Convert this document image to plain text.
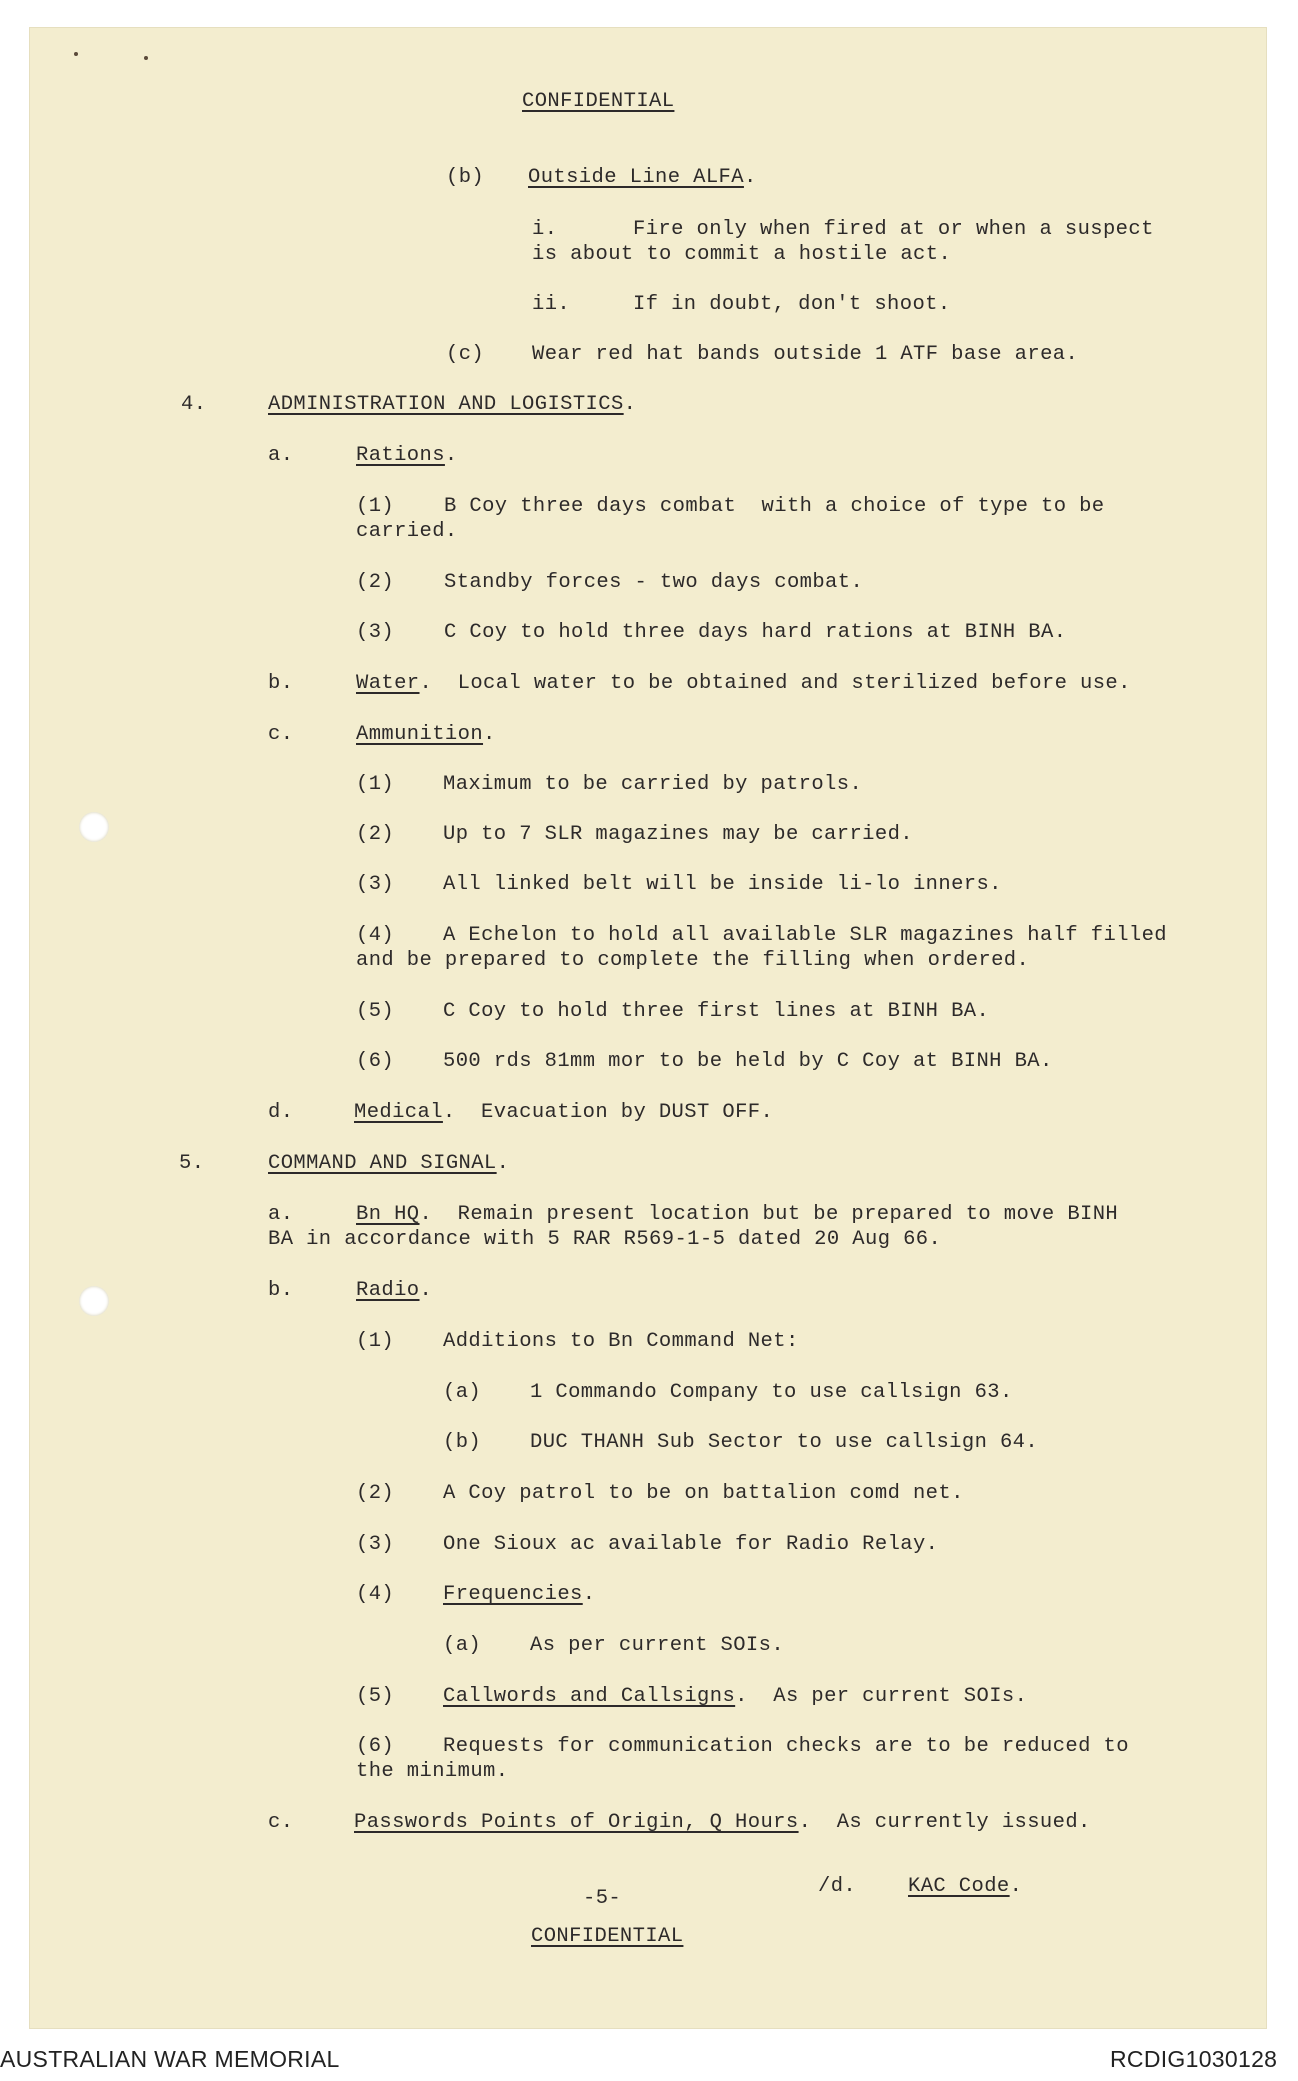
CONFIDENTIAL
(b) Outside Line ALFA.
i.	Fire only when fired at or when a suspect
is about to commit a hostile act.
ii.	If in doubt, don't shoot.
(c) Wear red hat bands outside 1 ATF base area.
4.	ADMINISTRATION AND LOGISTICS.
a.	Rations.
(1) B Coy three days combat  with a choice of type to be
carried.
(2) Standby forces - two days combat.
(3) C Coy to hold three days hard rations at BINH BA.
b.	Water.  Local water to be obtained and sterilized before use.
c.	Ammunition.
(1) Maximum to be carried by patrols.
(2) Up to 7 SLR magazines may be carried.
(3) All linked belt will be inside li-lo inners.
(4) A Echelon to hold all available SLR magazines half filled
and be prepared to complete the filling when ordered.
(5) C Coy to hold three first lines at BINH BA.
(6) 500 rds 81mm mor to be held by C Coy at BINH BA.
d.	Medical.  Evacuation by DUST OFF.
5.	COMMAND AND SIGNAL.
a.	Bn HQ.  Remain present location but be prepared to move BINH
BA in accordance with 5 RAR R569-1-5 dated 20 Aug 66.
b.	Radio.
(1) Additions to Bn Command Net:
(a) 1 Commando Company to use callsign 63.
(b) DUC THANH Sub Sector to use callsign 64.
(2) A Coy patrol to be on battalion comd net.
(3) One Sioux ac available for Radio Relay.
(4) Frequencies.
(a) As per current SOIs.
(5) Callwords and Callsigns.  As per current SOIs.
(6) Requests for communication checks are to be reduced to
the minimum.
c.	Passwords Points of Origin, Q Hours.  As currently issued.
-5-
/d.	KAC Code.
CONFIDENTIAL
AUSTRALIAN WAR MEMORIAL	RCDIG1030128
